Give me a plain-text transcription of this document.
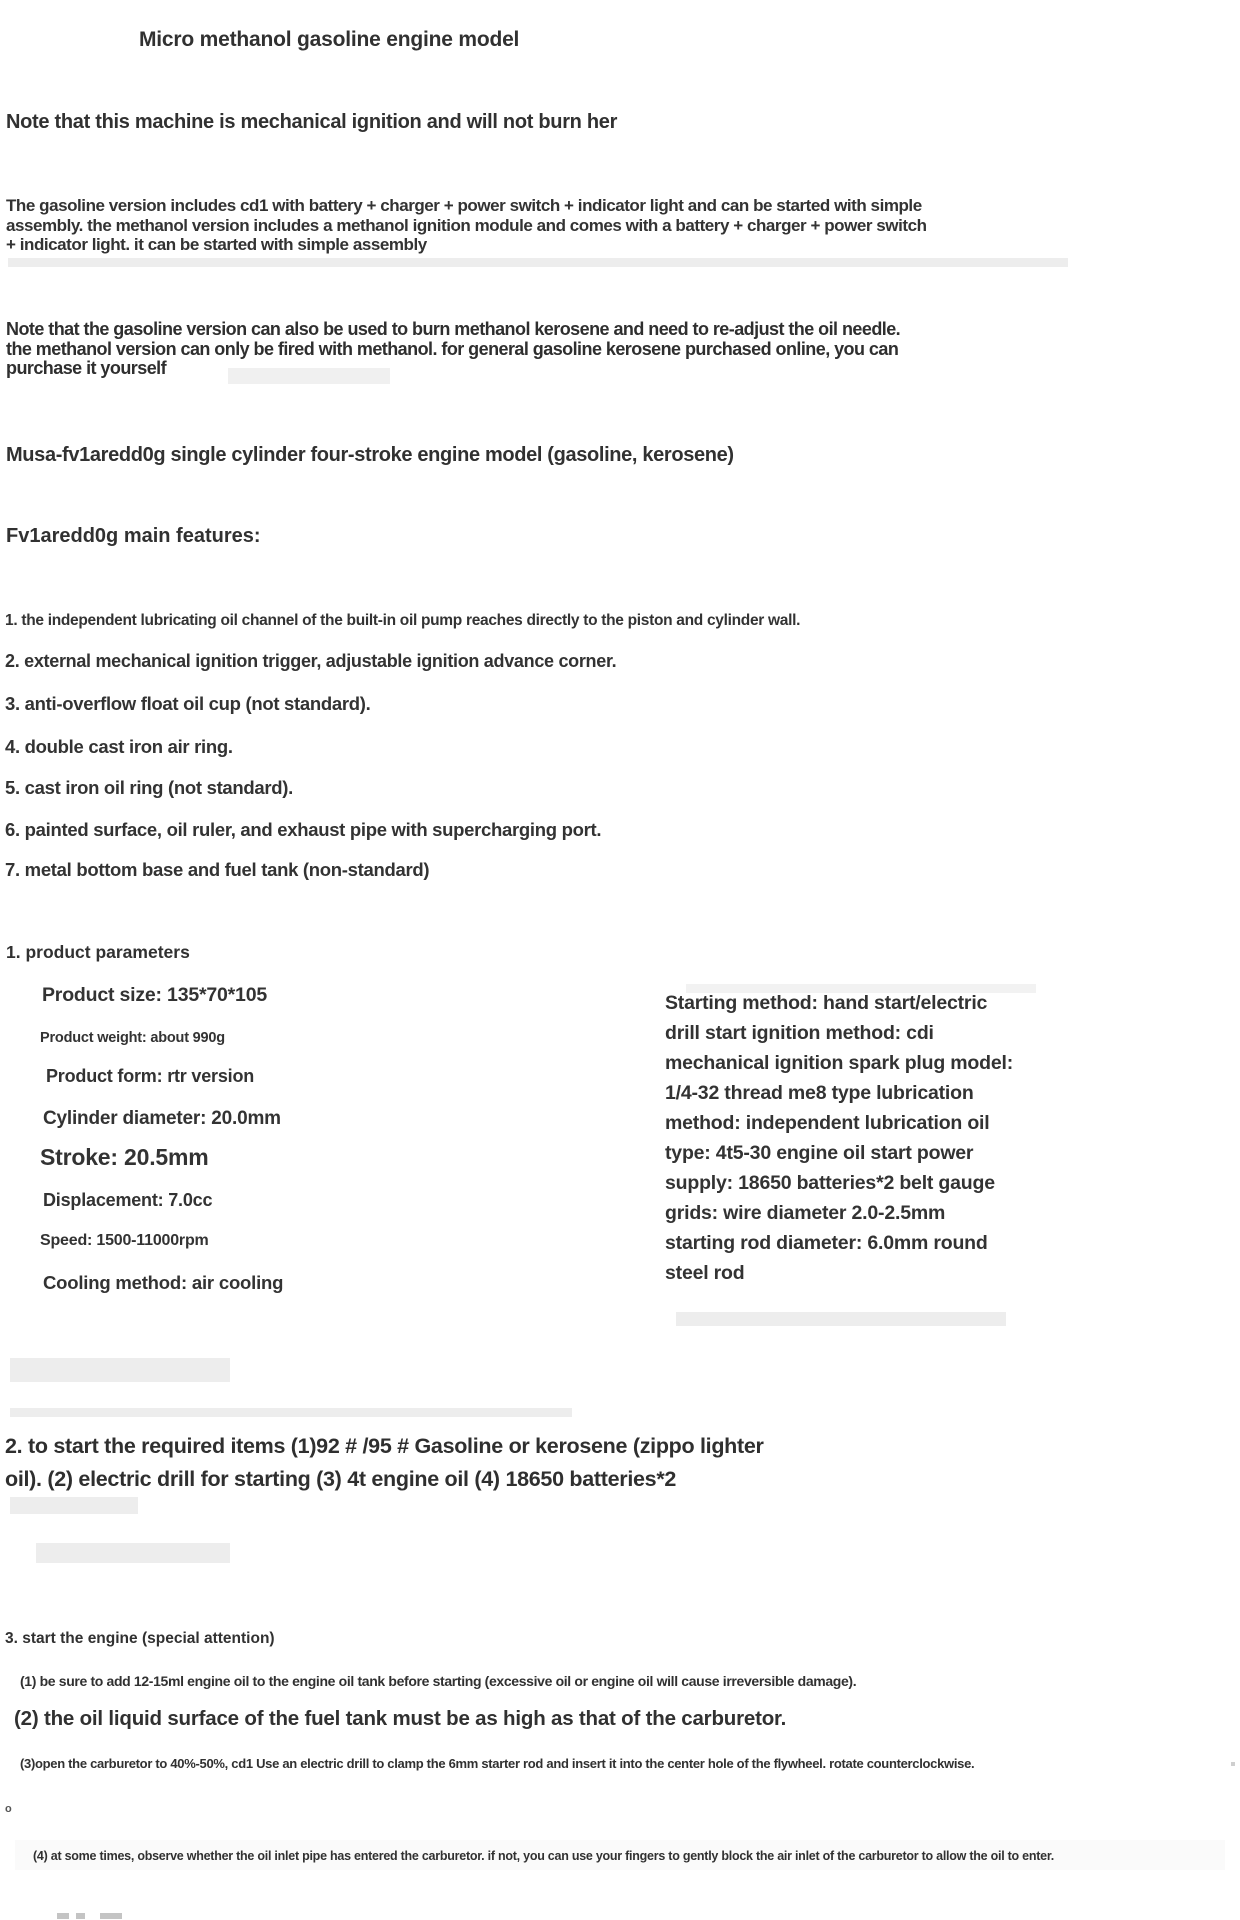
Micro methanol gasoline engine model
Note that this machine is mechanical ignition and will not burn her
The gasoline version includes cd1 with battery + charger + power switch + indicator light and can be started with simple
assembly. the methanol version includes a methanol ignition module and comes with a battery + charger + power switch
+ indicator light. it can be started with simple assembly
Note that the gasoline version can also be used to burn methanol kerosene and need to re-adjust the oil needle.
the methanol version can only be fired with methanol. for general gasoline kerosene purchased online, you can
purchase it yourself
Musa-fv1aredd0g single cylinder four-stroke engine model (gasoline, kerosene)
Fv1aredd0g main features:
1. the independent lubricating oil channel of the built-in oil pump reaches directly to the piston and cylinder wall.
2. external mechanical ignition trigger, adjustable ignition advance corner.
3. anti-overflow float oil cup (not standard).
4. double cast iron air ring.
5. cast iron oil ring (not standard).
6. painted surface, oil ruler, and exhaust pipe with supercharging port.
7. metal bottom base and fuel tank (non-standard)
1. product parameters
Product size: 135*70*105
Product weight: about 990g
Product form: rtr version
Cylinder diameter: 20.0mm
Stroke: 20.5mm
Displacement: 7.0cc
Speed: 1500-11000rpm
Cooling method: air cooling
Starting method: hand start/electric
drill start ignition method: cdi
mechanical ignition spark plug model:
1/4-32 thread me8 type lubrication
method: independent lubrication oil
type: 4t5-30 engine oil start power
supply: 18650 batteries*2 belt gauge
grids: wire diameter 2.0-2.5mm
starting rod diameter: 6.0mm round
steel rod
2. to start the required items (1)92 # /95 # Gasoline or kerosene (zippo lighter
oil). (2) electric drill for starting (3) 4t engine oil (4) 18650 batteries*2
3. start the engine (special attention)
(1) be sure to add 12-15ml engine oil to the engine oil tank before starting (excessive oil or engine oil will cause irreversible damage).
(2) the oil liquid surface of the fuel tank must be as high as that of the carburetor.
(3)open the carburetor to 40%-50%, cd1 Use an electric drill to clamp the 6mm starter rod and insert it into the center hole of the flywheel. rotate counterclockwise.
o
(4) at some times, observe whether the oil inlet pipe has entered the carburetor. if not, you can use your fingers to gently block the air inlet of the carburetor to allow the oil to enter.
